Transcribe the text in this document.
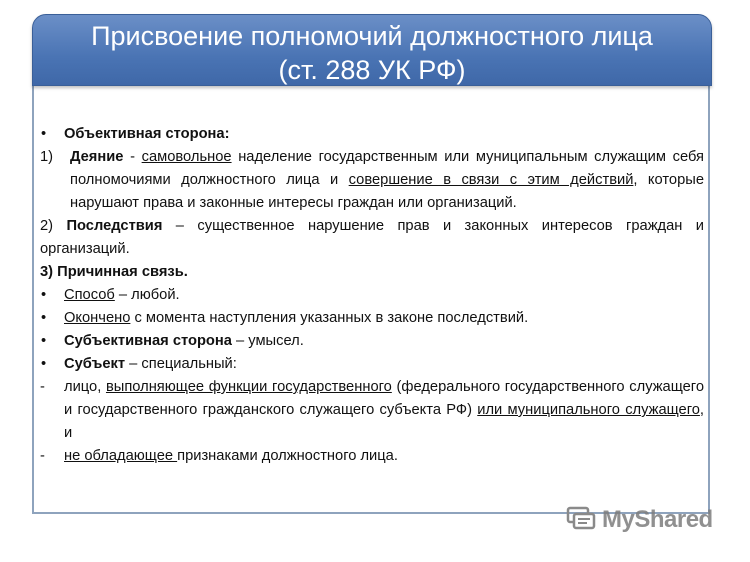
Присвоение полномочий должностного лица
(ст. 288 УК РФ)
•	Объективная сторона:
1)	Деяние - самовольное наделение государственным или муниципальным служащим себя полномочиями должностного лица и совершение в связи с этим действий, которые нарушают права и законные интересы граждан или организаций.
2) Последствия – существенное нарушение прав и законных интересов граждан и организаций.
3) Причинная связь.
•	Способ – любой.
•	Окончено с момента наступления указанных в законе последствий.
•	Субъективная сторона – умысел.
•	Субъект – специальный:
-	лицо, выполняющее функции государственного (федерального государственного служащего и государственного гражданского служащего субъекта РФ) или муниципального служащего, и
-	не обладающее признаками должностного лица.
MyShared
